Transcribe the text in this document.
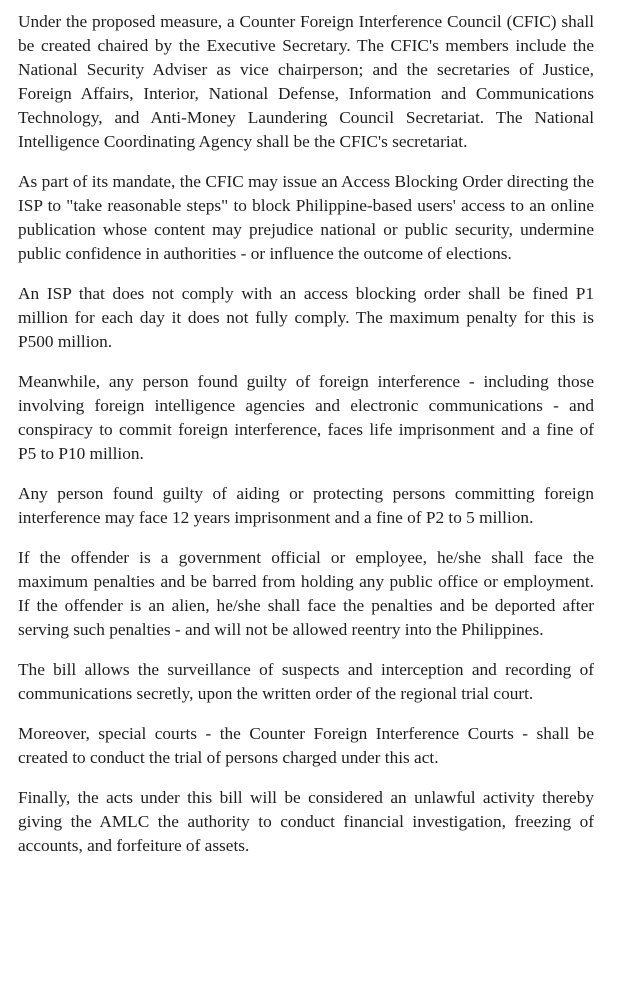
Under the proposed measure, a Counter Foreign Interference Council (CFIC) shall be created chaired by the Executive Secretary. The CFIC's members include the National Security Adviser as vice chairperson; and the secretaries of Justice, Foreign Affairs, Interior, National Defense, Information and Communications Technology, and Anti-Money Laundering Council Secretariat. The National Intelligence Coordinating Agency shall be the CFIC's secretariat.

As part of its mandate, the CFIC may issue an Access Blocking Order directing the ISP to "take reasonable steps" to block Philippine-based users' access to an online publication whose content may prejudice national or public security, undermine public confidence in authorities - or influence the outcome of elections.

An ISP that does not comply with an access blocking order shall be fined P1 million for each day it does not fully comply. The maximum penalty for this is P500 million.

Meanwhile, any person found guilty of foreign interference - including those involving foreign intelligence agencies and electronic communications - and conspiracy to commit foreign interference, faces life imprisonment and a fine of P5 to P10 million.

Any person found guilty of aiding or protecting persons committing foreign interference may face 12 years imprisonment and a fine of P2 to 5 million.

If the offender is a government official or employee, he/she shall face the maximum penalties and be barred from holding any public office or employment. If the offender is an alien, he/she shall face the penalties and be deported after serving such penalties - and will not be allowed reentry into the Philippines.

The bill allows the surveillance of suspects and interception and recording of communications secretly, upon the written order of the regional trial court.

Moreover, special courts - the Counter Foreign Interference Courts - shall be created to conduct the trial of persons charged under this act.

Finally, the acts under this bill will be considered an unlawful activity thereby giving the AMLC the authority to conduct financial investigation, freezing of accounts, and forfeiture of assets.
